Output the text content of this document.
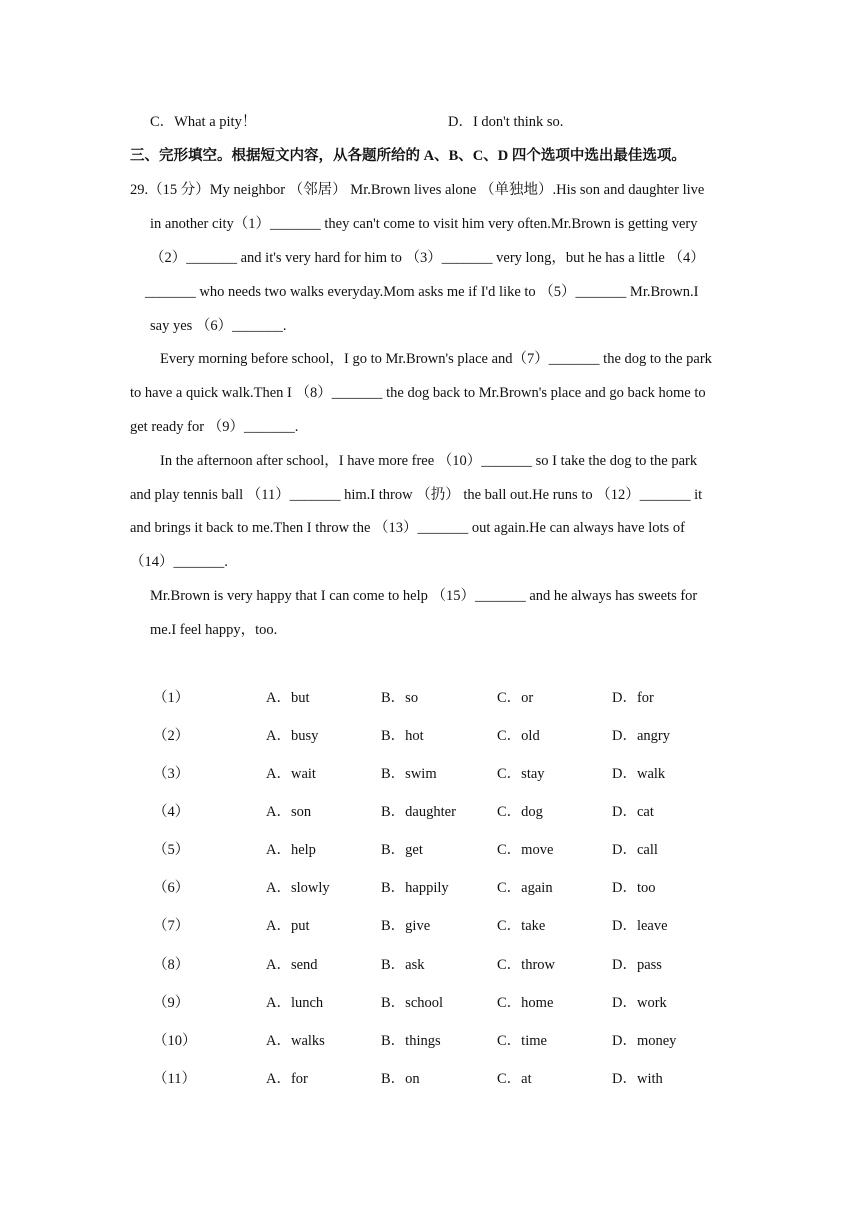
C．What a pity！	D．I don't think so.
三、完形填空。根据短文内容，从各题所给的 A、B、C、D 四个选项中选出最佳选项。
29.（15 分）My neighbor （邻居） Mr.Brown lives alone （单独地）.His son and daughter live
in another city（1）_______ they can't come to visit him very often.Mr.Brown is getting very
（2）_______ and it's very hard for him to （3）_______ very long，but he has a little （4）
_______ who needs two walks everyday.Mom asks me if I'd like to （5）_______ Mr.Brown.I
say yes （6）_______.
Every morning before school，I go to Mr.Brown's place and（7）_______ the dog to the park
to have a quick walk.Then I （8）_______ the dog back to Mr.Brown's place and go back home to
get ready for （9）_______.
In the afternoon after school，I have more free （10）_______ so I take the dog to the park
and play tennis ball （11）_______ him.I throw （扔） the ball out.He runs to （12）_______ it
and brings it back to me.Then I throw the （13）_______ out again.He can always have lots of
（14）_______.
Mr.Brown is very happy that I can come to help （15）_______ and he always has sweets for
me.I feel happy，too.
（1）	A．but	B．so	C．or	D．for
（2）	A．busy	B．hot	C．old	D．angry
（3）	A．wait	B．swim	C．stay	D．walk
（4）	A．son	B．daughter	C．dog	D．cat
（5）	A．help	B．get	C．move	D．call
（6）	A．slowly	B．happily	C．again	D．too
（7）	A．put	B．give	C．take	D．leave
（8）	A．send	B．ask	C．throw	D．pass
（9）	A．lunch	B．school	C．home	D．work
（10）	A．walks	B．things	C．time	D．money
（11）	A．for	B．on	C．at	D．with
